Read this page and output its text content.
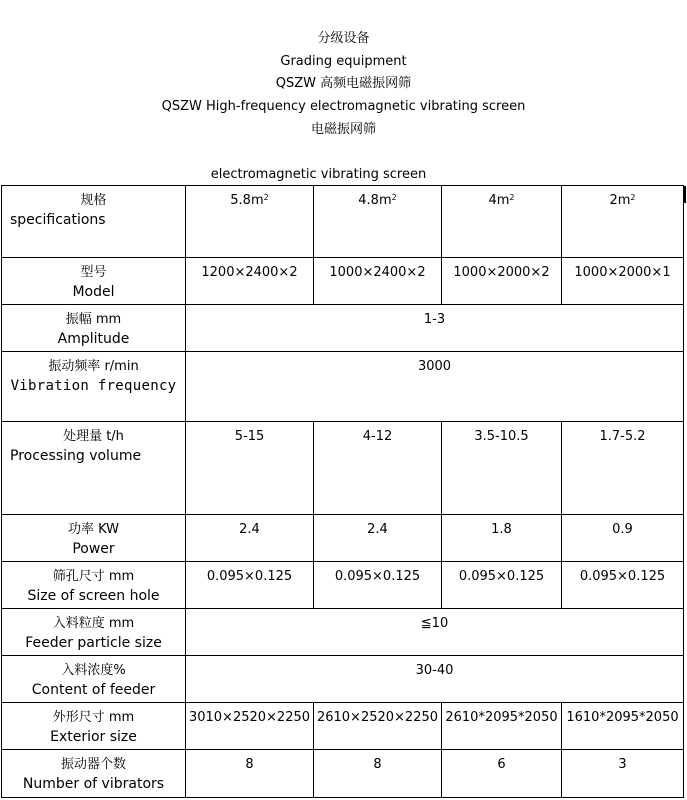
分级设备
Grading equipment
QSZW 高频电磁振网筛
QSZW High-frequency electromagnetic vibrating screen
电磁振网筛
electromagnetic vibrating screen
规格
specifications	$5.8m^2$	$4.8m^2$	$4m^2$	$2m^2$

型号
Model	1200×2400×2	1000×2400×2	1000×2000×2	1000×2000×1

振幅 mm
Amplitude	1-3			

振动频率 r/min
Vibration frequency	3000			

处理量 t/h
Processing volume	5-15	4-12	3.5-10.5	1.7-5.2

功率 KW
Power	2.4	2.4	1.8	0.9

筛孔尺寸 mm
Size of screen hole	0.095×0.125	0.095×0.125	0.095×0.125	0.095×0.125

入料粒度 mm
Feeder particle size	≦10			

入料浓度%
Content of feeder	30-40			

外形尺寸 mm
Exterior size	3010×2520×2250	2610×2520×2250	2610*2095*2050	1610*2095*2050

振动器个数
Number of vibrators	8	8	6	3
